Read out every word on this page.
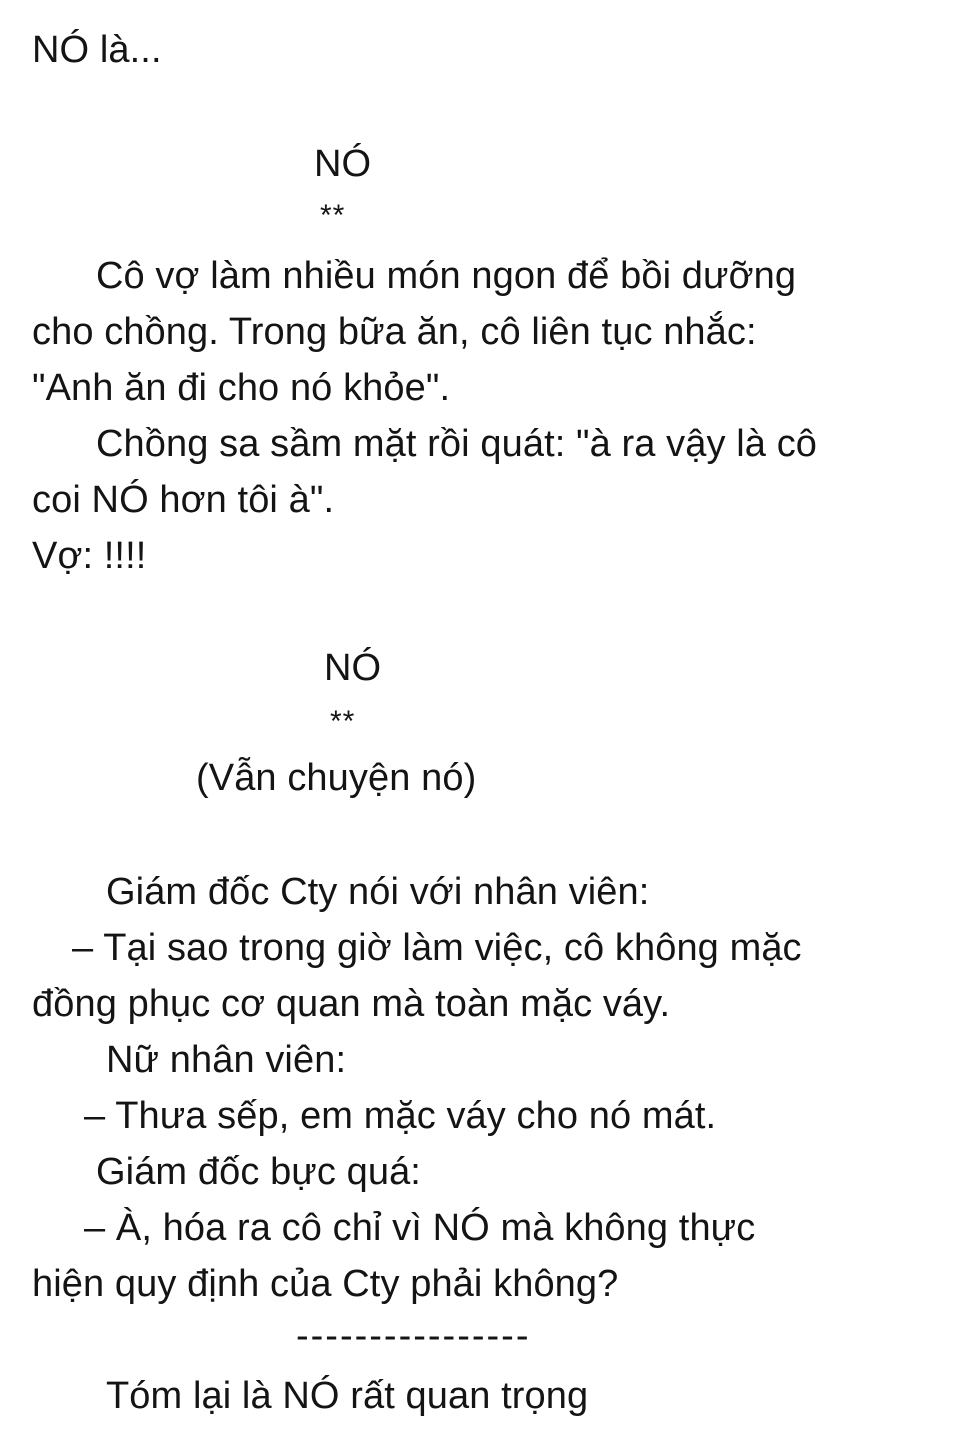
NÓ là...
NÓ
**
Cô vợ làm nhiều món ngon để bồi dưỡng
cho chồng. Trong bữa ăn, cô liên tục nhắc:
"Anh ăn đi cho nó khỏe".
Chồng sa sầm mặt rồi quát: "à ra vậy là cô
coi NÓ hơn tôi à".
Vợ: !!!!
NÓ
**
(Vẫn chuyện nó)
Giám đốc Cty nói với nhân viên:
– Tại sao trong giờ làm việc, cô không mặc
đồng phục cơ quan mà toàn mặc váy.
Nữ nhân viên:
– Thưa sếp, em mặc váy cho nó mát.
Giám đốc bực quá:
– À, hóa ra cô chỉ vì NÓ mà không thực
hiện quy định của Cty phải không?
----------------
Tóm lại là NÓ rất quan trọng
